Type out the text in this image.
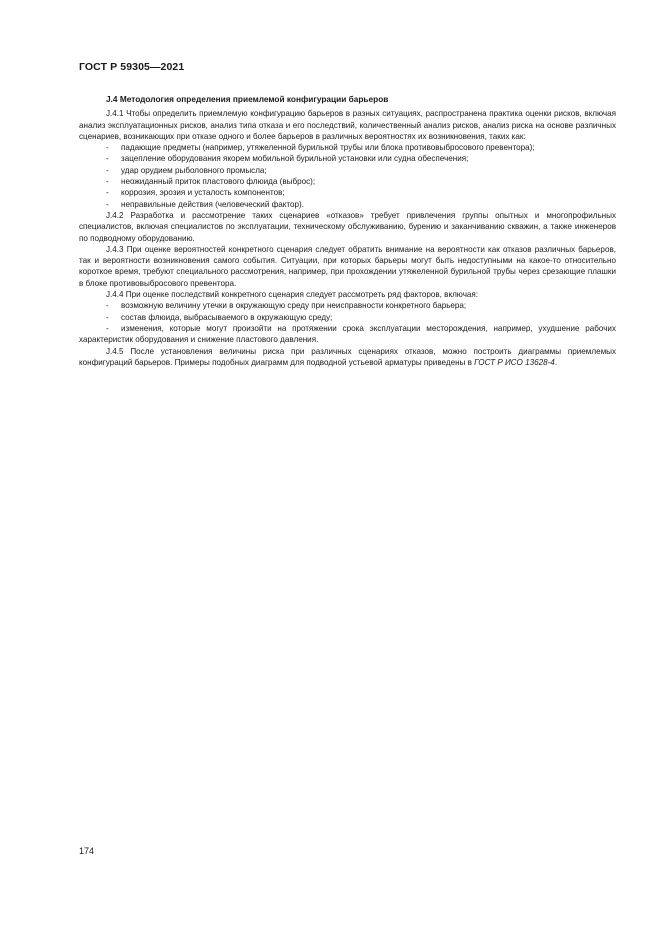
ГОСТ Р 59305—2021

J.4 Методология определения приемлемой конфигурации барьеров

J.4.1 Чтобы определить приемлемую конфигурацию барьеров в разных ситуациях, распространена практика оценки рисков, включая анализ эксплуатационных рисков, анализ типа отказа и его последствий, количественный анализ рисков, анализ риска на основе различных сценариев, возникающих при отказе одного и более барьеров в различных вероятностях их возникновения, таких как:

- падающие предметы (например, утяжеленной бурильной трубы или блока противовыбросового превентора);

- зацепление оборудования якорем мобильной бурильной установки или судна обеспечения;

- удар орудием рыболовного промысла;

- неожиданный приток пластового флюида (выброс);

- коррозия, эрозия и усталость компонентов;

- неправильные действия (человеческий фактор).

J.4.2 Разработка и рассмотрение таких сценариев «отказов» требует привлечения группы опытных и многопрофильных специалистов, включая специалистов по эксплуатации, техническому обслуживанию, бурению и заканчиванию скважин, а также инженеров по подводному оборудованию.

J.4.3 При оценке вероятностей конкретного сценария следует обратить внимание на вероятности как отказов различных барьеров, так и вероятности возникновения самого события. Ситуации, при которых барьеры могут быть недоступными на какое-то относительно короткое время, требуют специального рассмотрения, например, при прохождении утяжеленной бурильной трубы через срезающие плашки в блоке противовыбросового превентора.

J.4.4 При оценке последствий конкретного сценария следует рассмотреть ряд факторов, включая:

- возможную величину утечки в окружающую среду при неисправности конкретного барьера;

- состав флюида, выбрасываемого в окружающую среду;

- изменения, которые могут произойти на протяжении срока эксплуатации месторождения, например, ухудшение рабочих характеристик оборудования и снижение пластового давления.

J.4.5 После установления величины риска при различных сценариях отказов, можно построить диаграммы приемлемых конфигураций барьеров. Примеры подобных диаграмм для подводной устьевой арматуры приведены в ГОСТ Р ИСО 13628-4.

174
